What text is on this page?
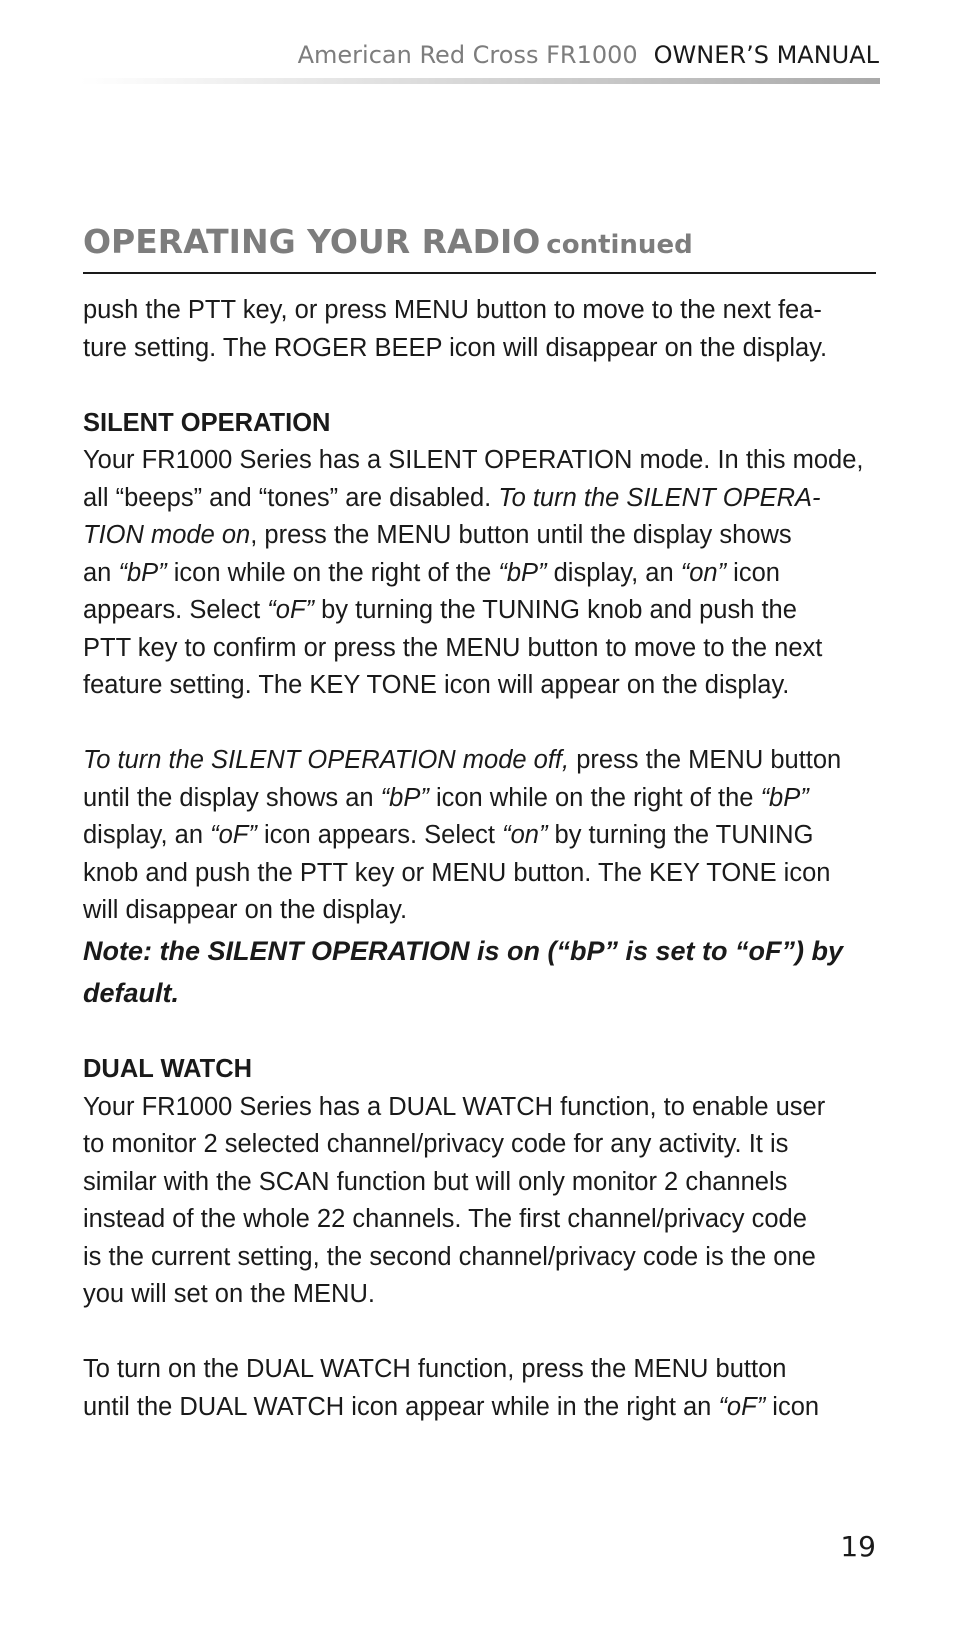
American Red Cross FR1000 OWNER’S MANUAL
OPERATING YOUR RADIO continued

push the PTT key, or press MENU button to move to the next fea-
ture setting. The ROGER BEEP icon will disappear on the display.

SILENT OPERATION

Your FR1000 Series has a SILENT OPERATION mode. In this mode,
all “beeps” and “tones” are disabled. To turn the SILENT OPERA-
TION mode on, press the MENU button until the display shows
an “bP” icon while on the right of the “bP” display, an “on” icon
appears. Select “oF” by turning the TUNING knob and push the
PTT key to confirm or press the MENU button to move to the next
feature setting. The KEY TONE icon will appear on the display.

To turn the SILENT OPERATION mode off, press the MENU button
until the display shows an “bP” icon while on the right of the “bP”
display, an “oF” icon appears. Select “on” by turning the TUNING
knob and push the PTT key or MENU button. The KEY TONE icon
will disappear on the display.

Note: the SILENT OPERATION is on (“bP” is set to “oF”) by
default.

DUAL WATCH

Your FR1000 Series has a DUAL WATCH function, to enable user
to monitor 2 selected channel/privacy code for any activity. It is
similar with the SCAN function but will only monitor 2 channels
instead of the whole 22 channels. The first channel/privacy code
is the current setting, the second channel/privacy code is the one
you will set on the MENU.

To turn on the DUAL WATCH function, press the MENU button
until the DUAL WATCH icon appear while in the right an “oF” icon

19
